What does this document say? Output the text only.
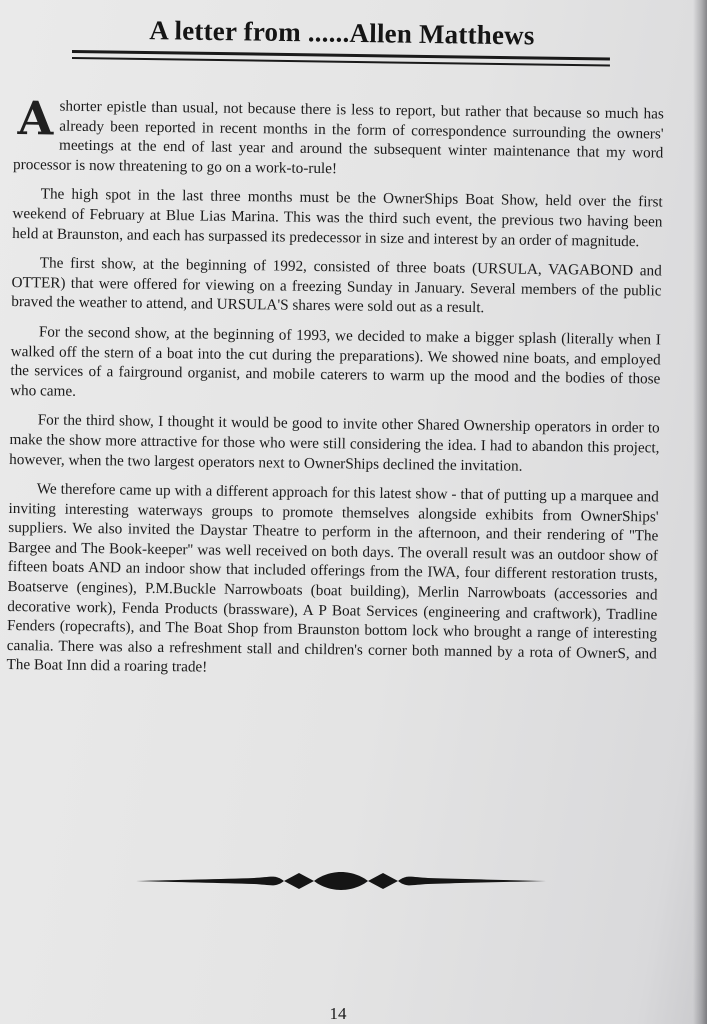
A letter from ......Allen Matthews

A shorter epistle than usual, not because there is less to report, but rather that because so much has already been reported in recent months in the form of correspondence surrounding the owners' meetings at the end of last year and around the subsequent winter maintenance that my word processor is now threatening to go on a work-to-rule!

The high spot in the last three months must be the OwnerShips Boat Show, held over the first weekend of February at Blue Lias Marina. This was the third such event, the previous two having been held at Braunston, and each has surpassed its predecessor in size and interest by an order of magnitude.

The first show, at the beginning of 1992, consisted of three boats (URSULA, VAGABOND and OTTER) that were offered for viewing on a freezing Sunday in January. Several members of the public braved the weather to attend, and URSULA'S shares were sold out as a result.

For the second show, at the beginning of 1993, we decided to make a bigger splash (literally when I walked off the stern of a boat into the cut during the preparations). We showed nine boats, and employed the services of a fairground organist, and mobile caterers to warm up the mood and the bodies of those who came.

For the third show, I thought it would be good to invite other Shared Ownership operators in order to make the show more attractive for those who were still considering the idea. I had to abandon this project, however, when the two largest operators next to OwnerShips declined the invitation.

We therefore came up with a different approach for this latest show - that of putting up a marquee and inviting interesting waterways groups to promote themselves alongside exhibits from OwnerShips' suppliers. We also invited the Daystar Theatre to perform in the afternoon, and their rendering of ''The Bargee and The Book-keeper'' was well received on both days. The overall result was an outdoor show of fifteen boats AND an indoor show that included offerings from the IWA, four different restoration trusts, Boatserve (engines), P.M.Buckle Narrowboats (boat building), Merlin Narrowboats (accessories and decorative work), Fenda Products (brassware), A P Boat Services (engineering and craftwork), Tradline Fenders (ropecrafts), and The Boat Shop from Braunston bottom lock who brought a range of interesting canalia. There was also a refreshment stall and children's corner both manned by a rota of OwnerS, and The Boat Inn did a roaring trade!

14
